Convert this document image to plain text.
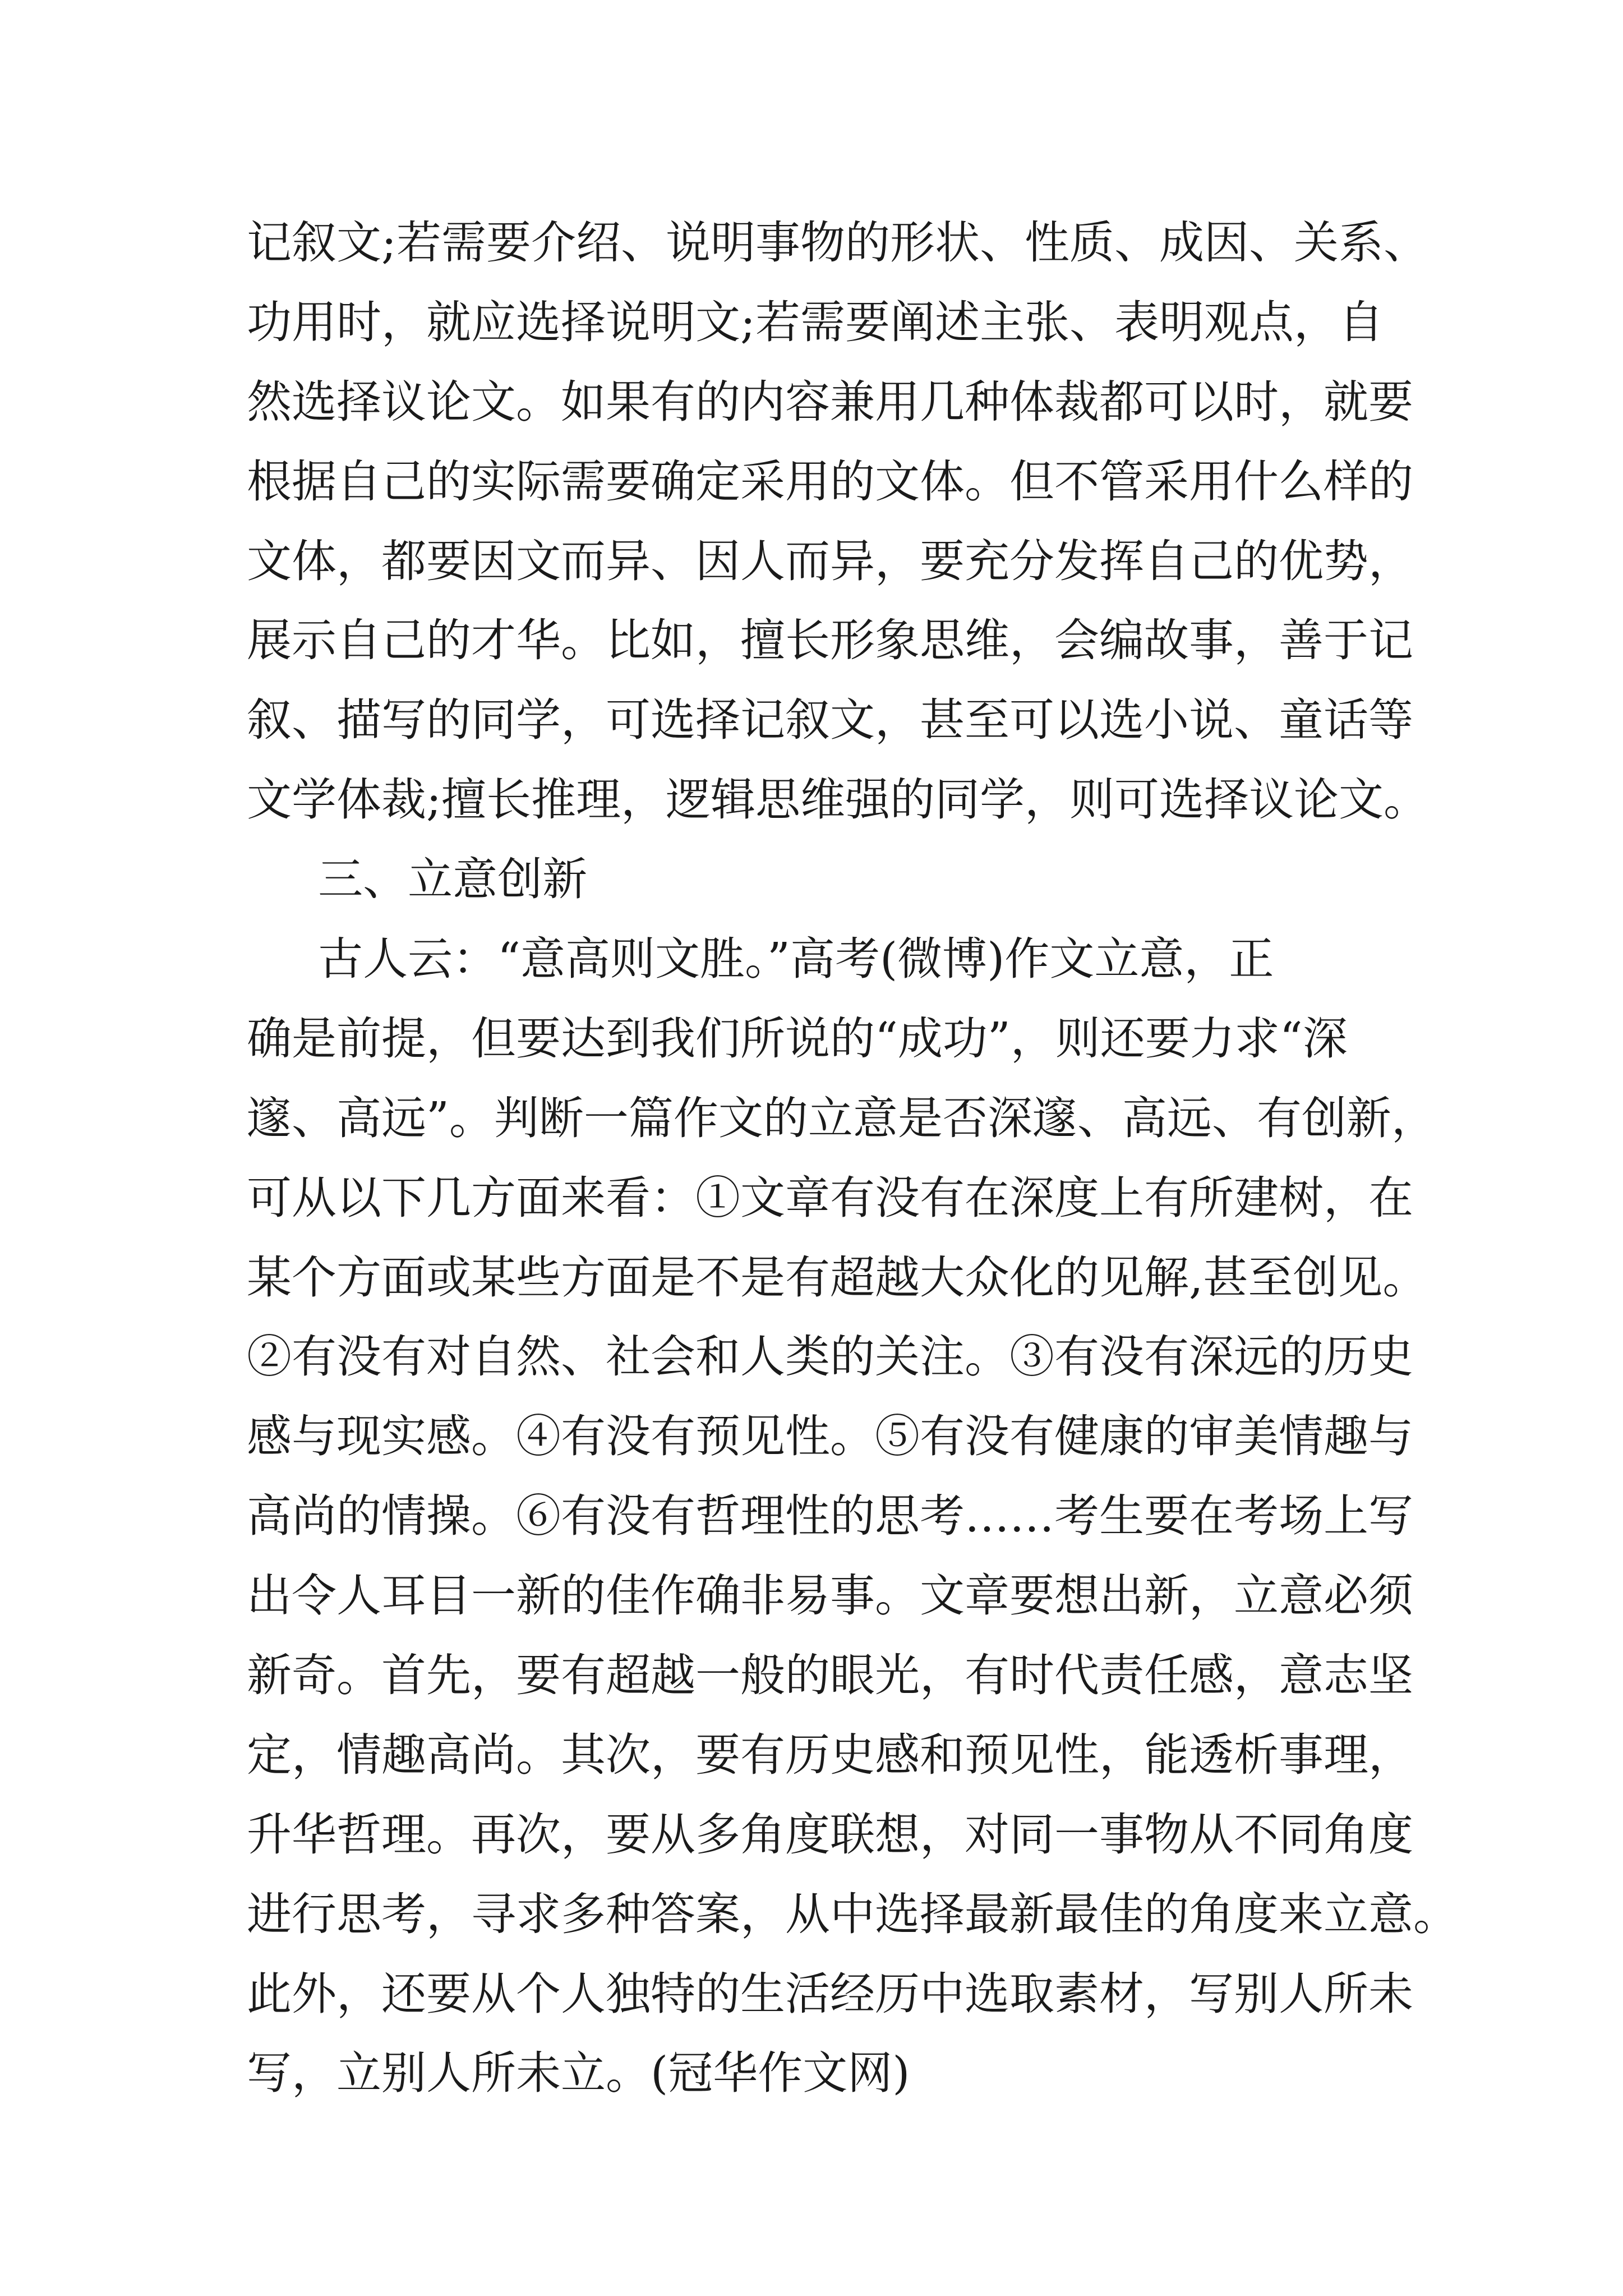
记叙文;若需要介绍、说明事物的形状、性质、成因、关系、
功用时，就应选择说明文;若需要阐述主张、表明观点，自
然选择议论文。如果有的内容兼用几种体裁都可以时，就要
根据自己的实际需要确定采用的文体。但不管采用什么样的
文体，都要因文而异、因人而异，要充分发挥自己的优势，
展示自己的才华。比如，擅长形象思维，会编故事，善于记
叙、描写的同学，可选择记叙文，甚至可以选小说、童话等
文学体裁;擅长推理，逻辑思维强的同学，则可选择议论文。
三、立意创新
古人云：“意高则文胜。”高考(微博)作文立意，正
确是前提，但要达到我们所说的“成功”，则还要力求“深
邃、高远”。判断一篇作文的立意是否深邃、高远、有创新，
可从以下几方面来看：①文章有没有在深度上有所建树，在
某个方面或某些方面是不是有超越大众化的见解,甚至创见。
②有没有对自然、社会和人类的关注。③有没有深远的历史
感与现实感。④有没有预见性。⑤有没有健康的审美情趣与
高尚的情操。⑥有没有哲理性的思考……考生要在考场上写
出令人耳目一新的佳作确非易事。文章要想出新，立意必须
新奇。首先，要有超越一般的眼光，有时代责任感，意志坚
定，情趣高尚。其次，要有历史感和预见性，能透析事理，
升华哲理。再次，要从多角度联想，对同一事物从不同角度
进行思考，寻求多种答案，从中选择最新最佳的角度来立意。
此外，还要从个人独特的生活经历中选取素材，写别人所未
写，立别人所未立。(冠华作文网)
